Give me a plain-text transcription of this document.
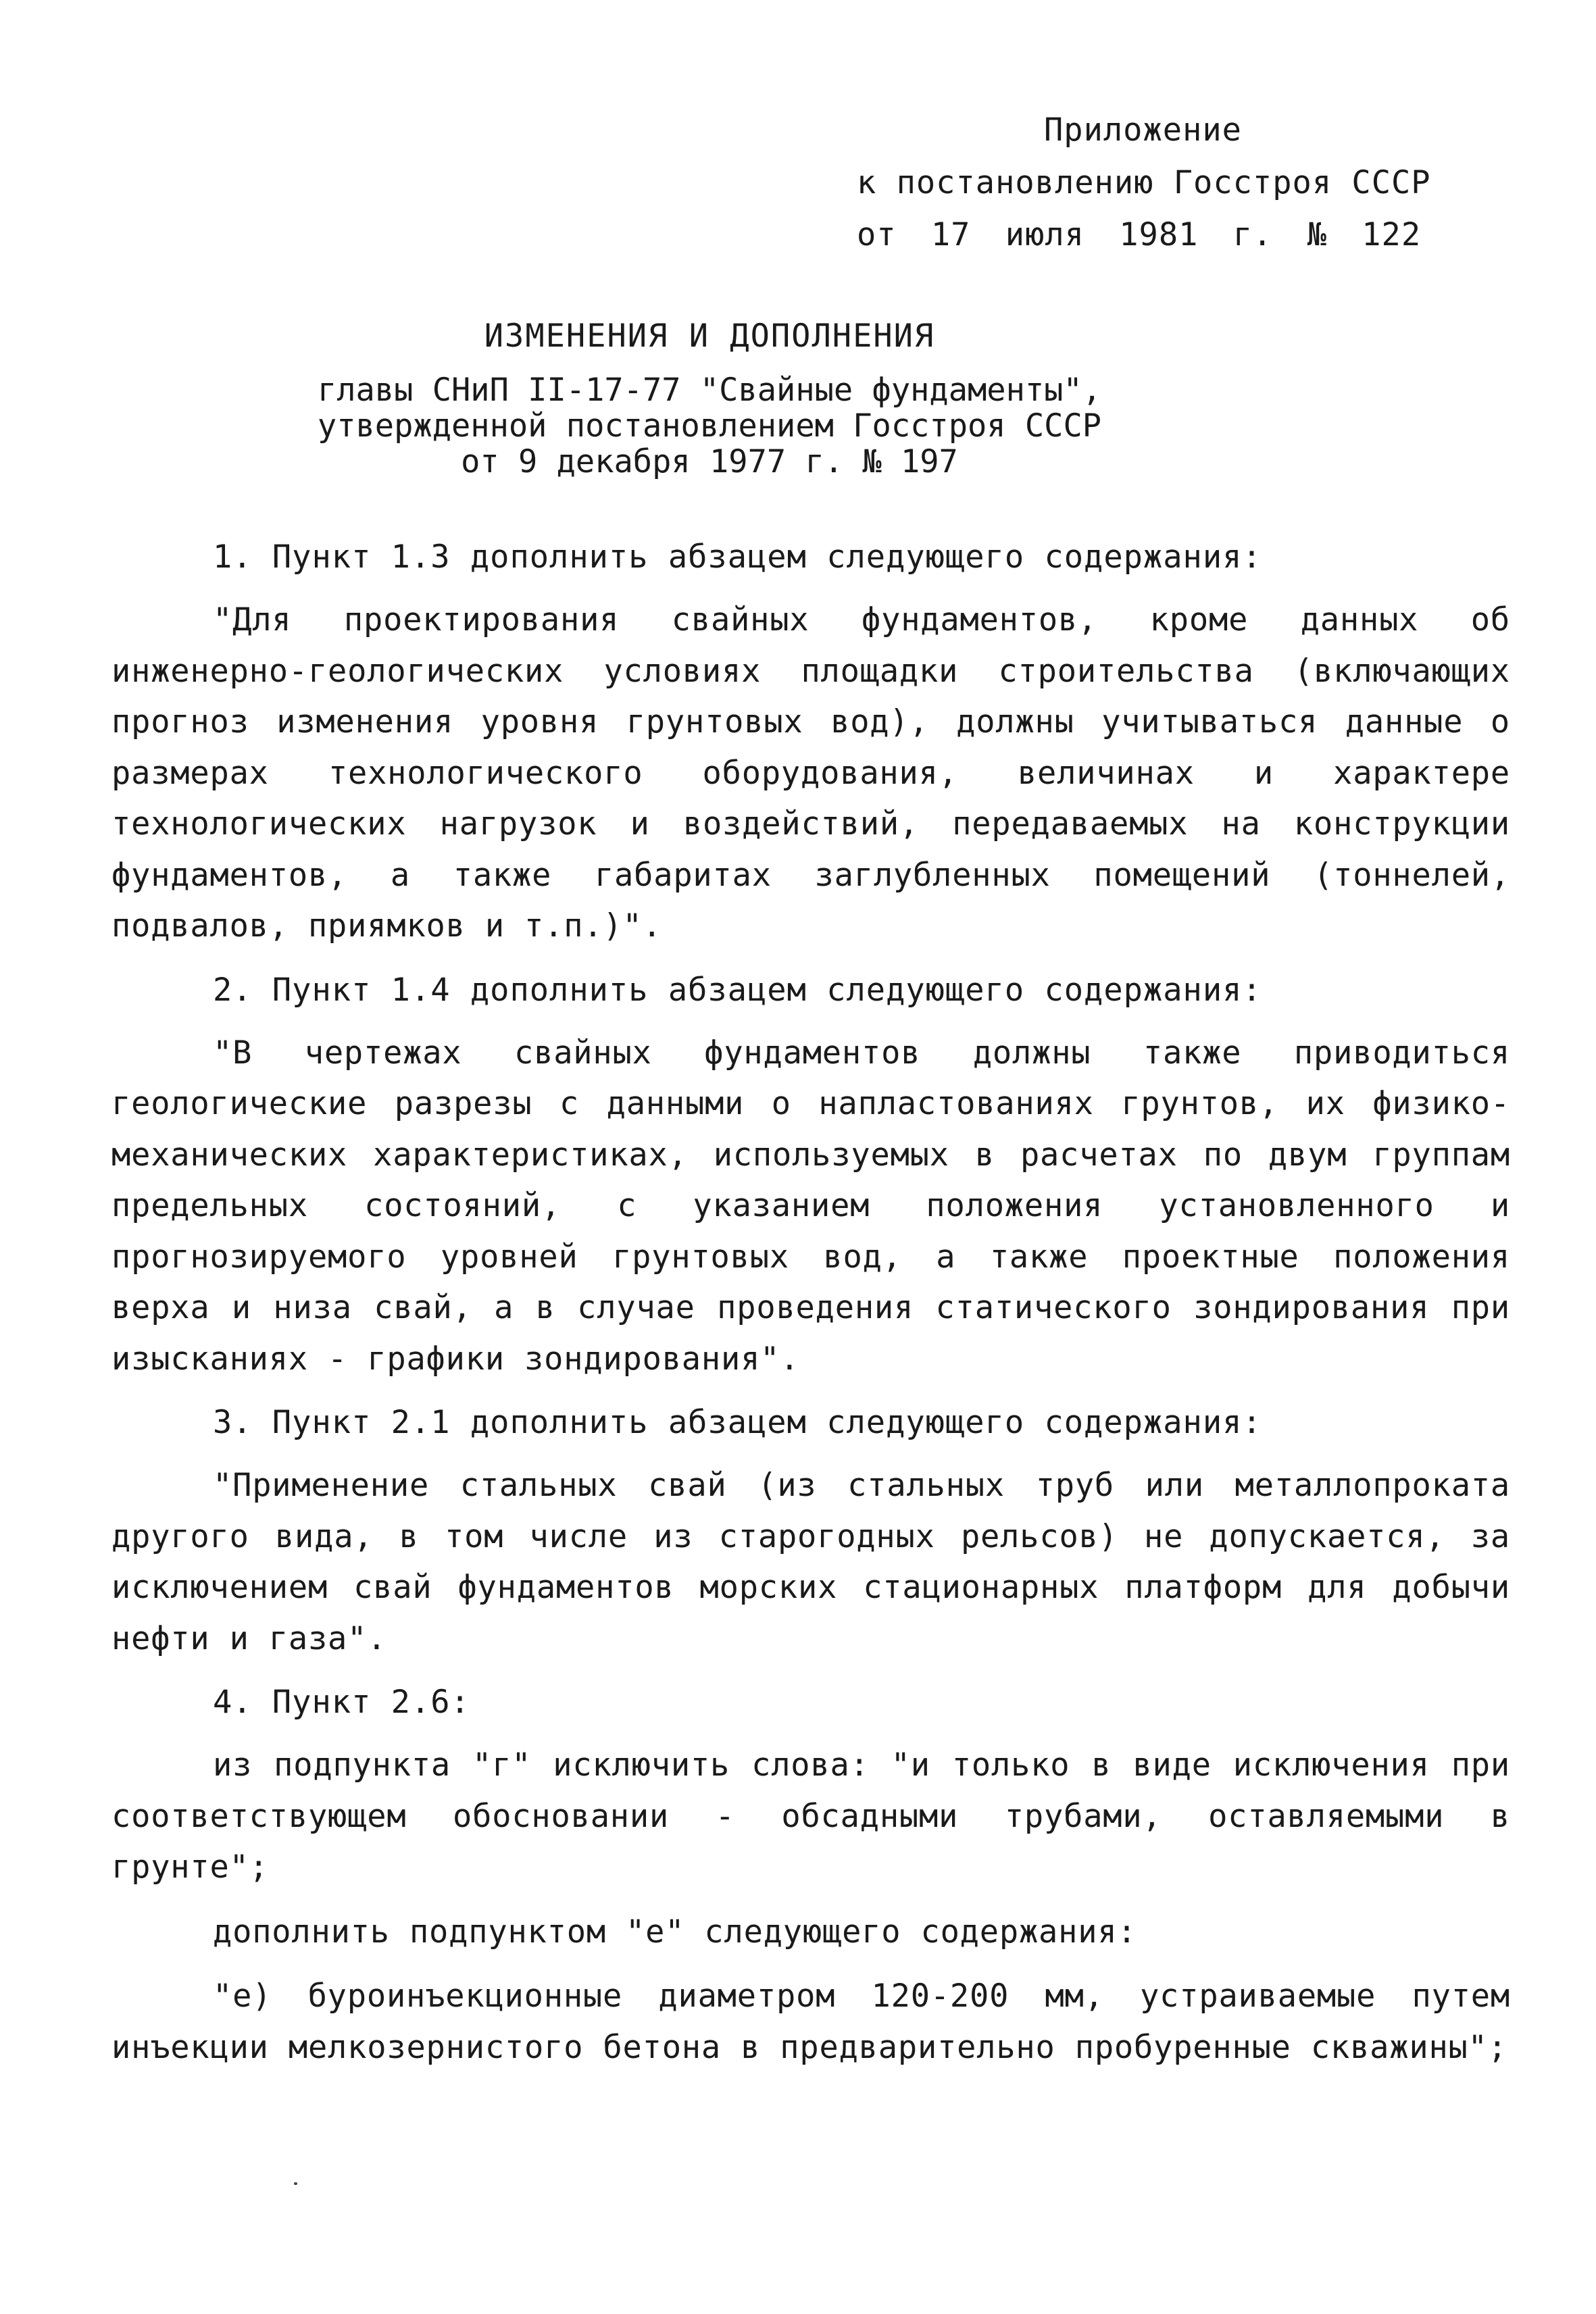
Приложение
к постановлению Госстроя СССР
от 17 июля 1981 г. № 122
ИЗМЕНЕНИЯ И ДОПОЛНЕНИЯ
главы СНиП II-17-77 "Свайные фундаменты",
утвержденной постановлением Госстроя СССР
от 9 декабря 1977 г. № 197
1. Пункт 1.3 дополнить абзацем следующего содержания:

"Для проектирования свайных фундаментов, кроме данных об инженерно-геологических условиях площадки строительства (включающих прогноз изменения уровня грунтовых вод), должны учитываться данные о размерах технологического оборудования, величинах и характере технологических нагрузок и воздействий, передаваемых на конструкции фундаментов, а также габаритах заглубленных помещений (тоннелей, подвалов, приямков и т.п.)".

2. Пункт 1.4 дополнить абзацем следующего содержания:

"В чертежах свайных фундаментов должны также приводиться геологические разрезы с данными о напластованиях грунтов, их физико-механических характеристиках, используемых в расчетах по двум группам предельных состояний, с указанием положения установленного и прогнозируемого уровней грунтовых вод, а также проектные положения верха и низа свай, а в случае проведения статического зондирования при изысканиях - графики зондирования".

3. Пункт 2.1 дополнить абзацем следующего содержания:

"Применение стальных свай (из стальных труб или металлопроката другого вида, в том числе из старогодных рельсов) не допускается, за исключением свай фундаментов морских стационарных платформ для добычи нефти и газа".

4. Пункт 2.6:

из подпункта "г" исключить слова: "и только в виде исключения при соответствующем обосновании - обсадными трубами, оставляемыми в грунте";

дополнить подпунктом "е" следующего содержания:

"е) буроинъекционные диаметром 120-200 мм, устраиваемые путем инъекции мелкозернистого бетона в предварительно пробуренные скважины";
